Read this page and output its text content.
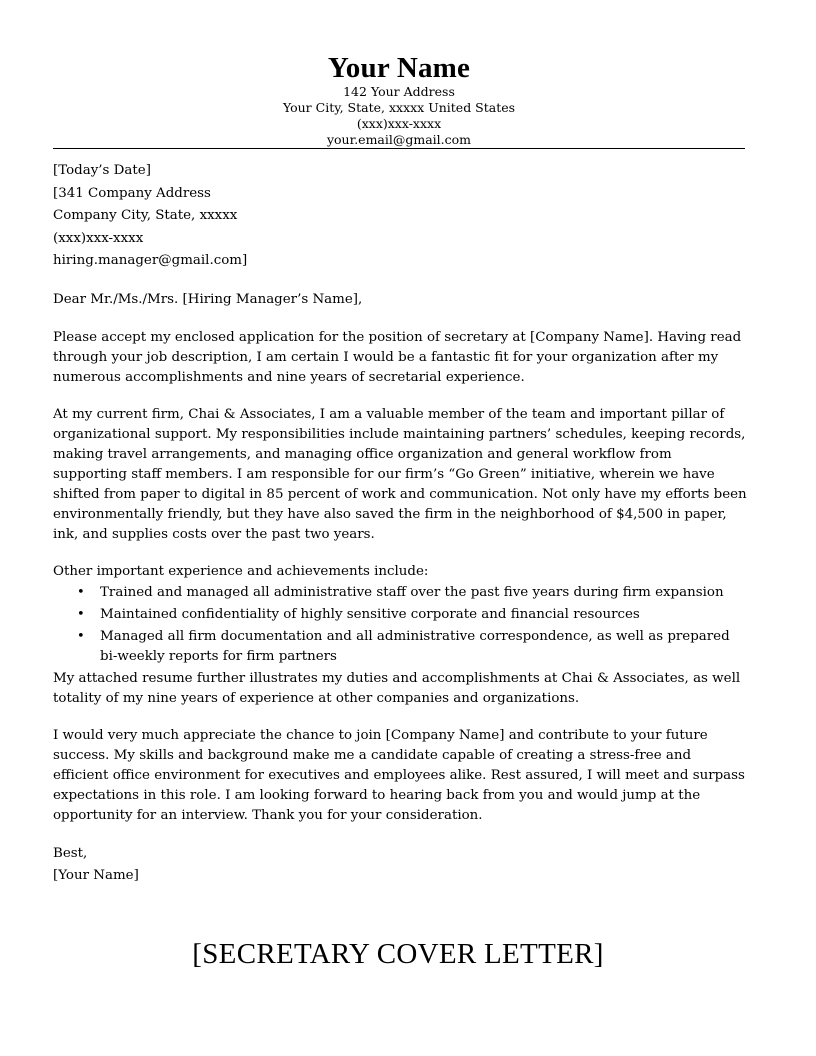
Your Name
142 Your Address
Your City, State, xxxxx United States
(xxx)xxx-xxxx
your.email@gmail.com
[Today’s Date]
[341 Company Address
Company City, State, xxxxx
(xxx)xxx-xxxx
hiring.manager@gmail.com]
Dear Mr./Ms./Mrs. [Hiring Manager’s Name],

Please accept my enclosed application for the position of secretary at [Company Name]. Having read through your job description, I am certain I would be a fantastic fit for your organization after my numerous accomplishments and nine years of secretarial experience.

At my current firm, Chai & Associates, I am a valuable member of the team and important pillar of organizational support. My responsibilities include maintaining partners’ schedules, keeping records, making travel arrangements, and managing office organization and general workflow from supporting staff members. I am responsible for our firm’s “Go Green” initiative, wherein we have shifted from paper to digital in 85 percent of work and communication. Not only have my efforts been environmentally friendly, but they have also saved the firm in the neighborhood of $4,500 in paper, ink, and supplies costs over the past two years.

Other important experience and achievements include:

• Trained and managed all administrative staff over the past five years during firm expansion
• Maintained confidentiality of highly sensitive corporate and financial resources
• Managed all firm documentation and all administrative correspondence, as well as prepared bi-weekly reports for firm partners

My attached resume further illustrates my duties and accomplishments at Chai & Associates, as well totality of my nine years of experience at other companies and organizations.

I would very much appreciate the chance to join [Company Name] and contribute to your future success. My skills and background make me a candidate capable of creating a stress-free and efficient office environment for executives and employees alike. Rest assured, I will meet and surpass expectations in this role. I am looking forward to hearing back from you and would jump at the opportunity for an interview. Thank you for your consideration.

Best,
[Your Name]
[SECRETARY COVER LETTER]
